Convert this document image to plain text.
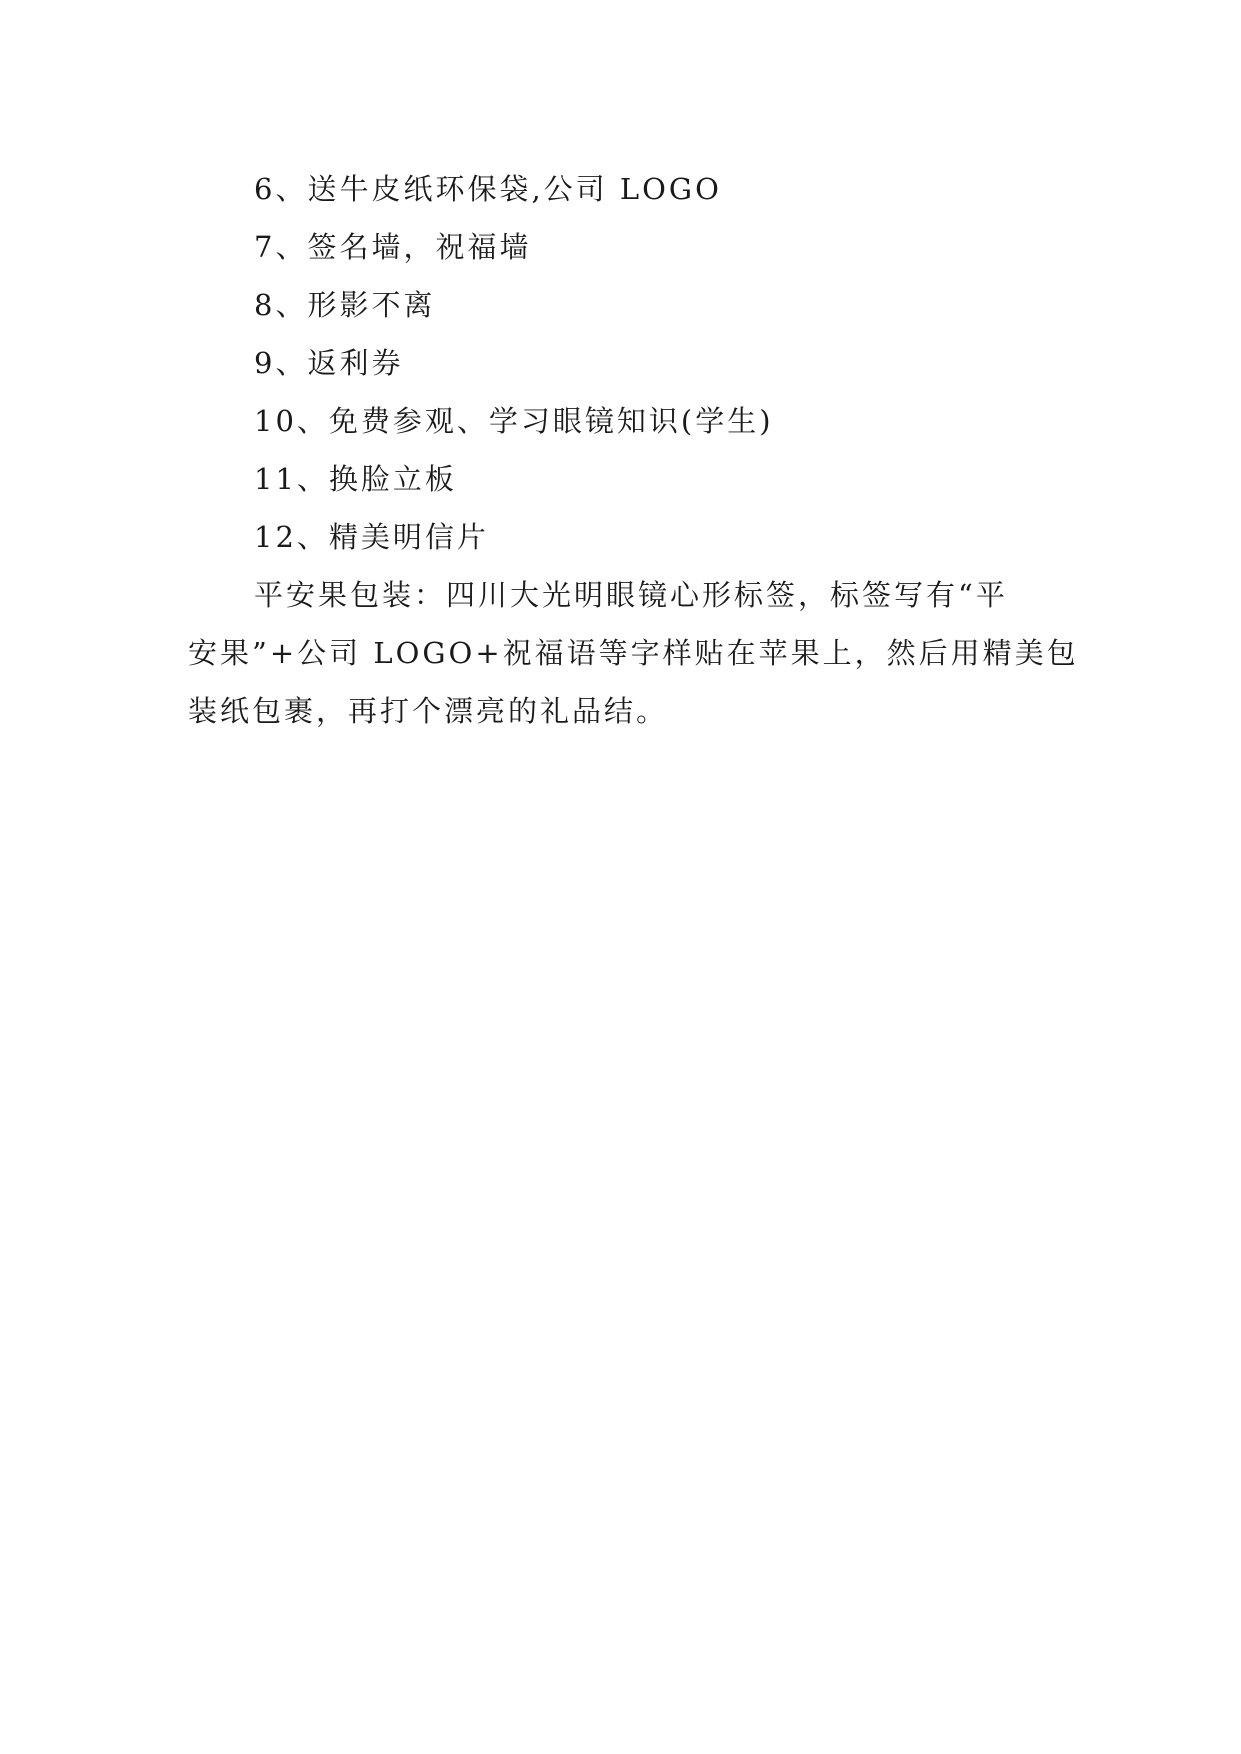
6、送牛皮纸环保袋,公司 LOGO
7、签名墙，祝福墙
8、形影不离
9、返利券
10、免费参观、学习眼镜知识(学生)
11、换脸立板
12、精美明信片

平安果包装：四川大光明眼镜心形标签，标签写有“平
安果”+公司 LOGO+祝福语等字样贴在苹果上，然后用精美包
装纸包裹，再打个漂亮的礼品结。
